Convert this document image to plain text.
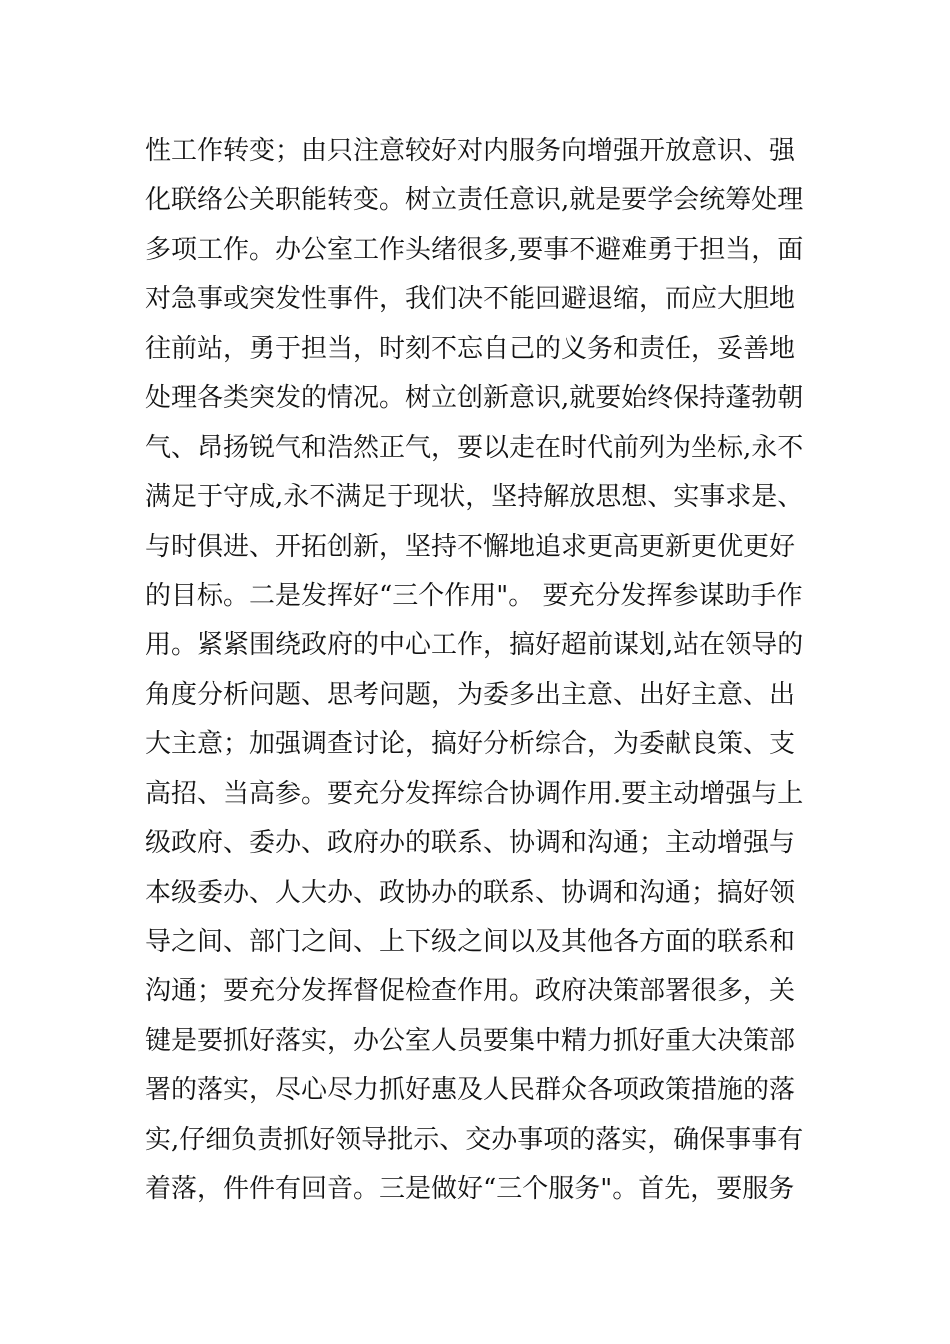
性工作转变；由只注意较好对内服务向增强开放意识、强
化联络公关职能转变。树立责任意识,就是要学会统筹处理
多项工作。办公室工作头绪很多,要事不避难勇于担当，面
对急事或突发性事件，我们决不能回避退缩，而应大胆地
往前站，勇于担当，时刻不忘自己的义务和责任，妥善地
处理各类突发的情况。树立创新意识,就要始终保持蓬勃朝
气、昂扬锐气和浩然正气，要以走在时代前列为坐标,永不
满足于守成,永不满足于现状，坚持解放思想、实事求是、
与时俱进、开拓创新，坚持不懈地追求更高更新更优更好
的目标。二是发挥好“三个作用"。 要充分发挥参谋助手作
用。紧紧围绕政府的中心工作，搞好超前谋划,站在领导的
角度分析问题、思考问题，为委多出主意、出好主意、出
大主意；加强调查讨论，搞好分析综合，为委献良策、支
高招、当高参。要充分发挥综合协调作用.要主动增强与上
级政府、委办、政府办的联系、协调和沟通；主动增强与
本级委办、人大办、政协办的联系、协调和沟通；搞好领
导之间、部门之间、上下级之间以及其他各方面的联系和
沟通；要充分发挥督促检查作用。政府决策部署很多，关
键是要抓好落实，办公室人员要集中精力抓好重大决策部
署的落实，尽心尽力抓好惠及人民群众各项政策措施的落
实,仔细负责抓好领导批示、交办事项的落实，确保事事有
着落，件件有回音。三是做好“三个服务"。首先，要服务
